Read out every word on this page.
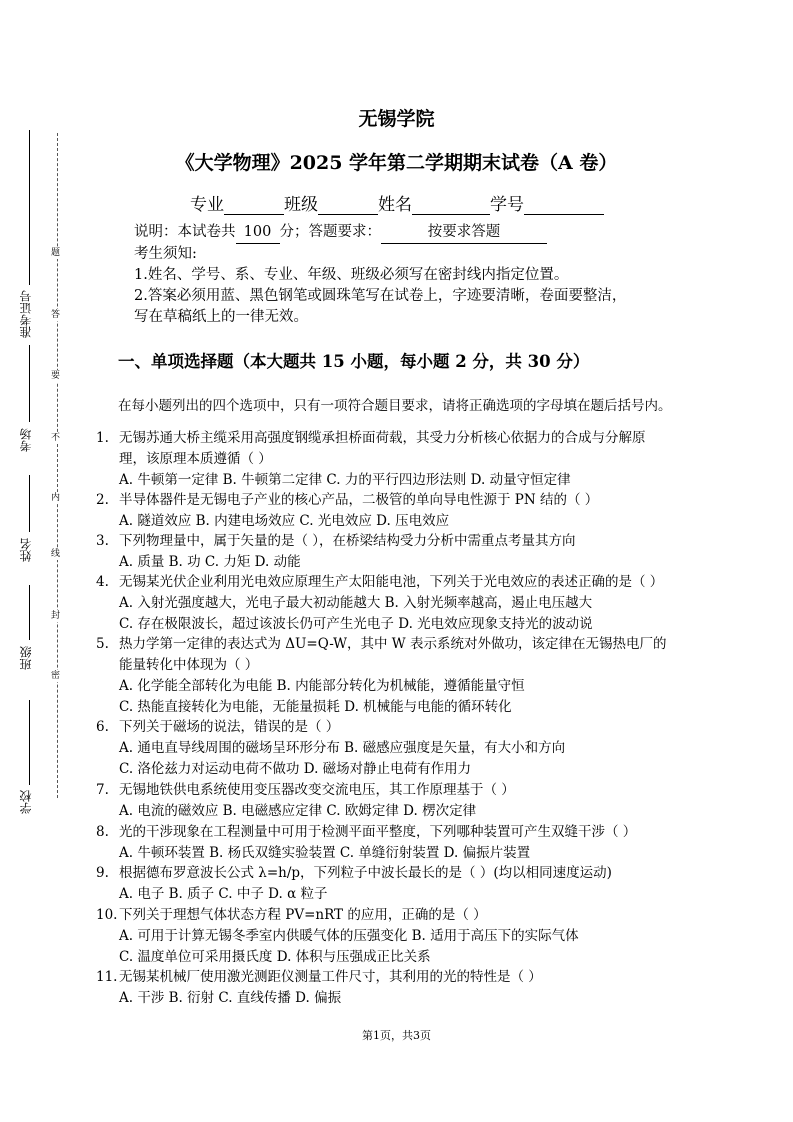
无锡学院
《大学物理》2025 学年第二学期期末试卷（A 卷）
专业	班级	姓名	学号
说明：本试卷共 100 分；答题要求：	按要求答题
考生须知:
1.姓名、学号、系、专业、年级、班级必须写在密封线内指定位置。
2.答案必须用蓝、黑色钢笔或圆珠笔写在试卷上，字迹要清晰，卷面要整洁，
写在草稿纸上的一律无效。
一、单项选择题（本大题共 15 小题，每小题 2 分，共 30 分）
在每小题列出的四个选项中，只有一项符合题目要求，请将正确选项的字母填在题后括号内。
1. 无锡苏通大桥主缆采用高强度钢缆承担桥面荷载，其受力分析核心依据力的合成与分解原
理，该原理本质遵循（ ）
A. 牛顿第一定律 B. 牛顿第二定律 C. 力的平行四边形法则 D. 动量守恒定律
2. 半导体器件是无锡电子产业的核心产品，二极管的单向导电性源于 PN 结的（ ）
A. 隧道效应 B. 内建电场效应 C. 光电效应 D. 压电效应
3. 下列物理量中，属于矢量的是（ ），在桥梁结构受力分析中需重点考量其方向
A. 质量 B. 功 C. 力矩 D. 动能
4. 无锡某光伏企业利用光电效应原理生产太阳能电池，下列关于光电效应的表述正确的是（ ）
A. 入射光强度越大，光电子最大初动能越大 B. 入射光频率越高，遏止电压越大
C. 存在极限波长，超过该波长仍可产生光电子 D. 光电效应现象支持光的波动说
5. 热力学第一定律的表达式为 ΔU=Q-W，其中 W 表示系统对外做功，该定律在无锡热电厂的
能量转化中体现为（ ）
A. 化学能全部转化为电能 B. 内能部分转化为机械能，遵循能量守恒
C. 热能直接转化为电能，无能量损耗 D. 机械能与电能的循环转化
6. 下列关于磁场的说法，错误的是（ ）
A. 通电直导线周围的磁场呈环形分布 B. 磁感应强度是矢量，有大小和方向
C. 洛伦兹力对运动电荷不做功 D. 磁场对静止电荷有作用力
7. 无锡地铁供电系统使用变压器改变交流电压，其工作原理基于（ ）
A. 电流的磁效应 B. 电磁感应定律 C. 欧姆定律 D. 楞次定律
8. 光的干涉现象在工程测量中可用于检测平面平整度，下列哪种装置可产生双缝干涉（ ）
A. 牛顿环装置 B. 杨氏双缝实验装置 C. 单缝衍射装置 D. 偏振片装置
9. 根据德布罗意波长公式 λ=h/p，下列粒子中波长最长的是（ ）(均以相同速度运动)
A. 电子 B. 质子 C. 中子 D. α 粒子
10. 下列关于理想气体状态方程 PV=nRT 的应用，正确的是（ ）
A. 可用于计算无锡冬季室内供暖气体的压强变化 B. 适用于高压下的实际气体
C. 温度单位可采用摄氏度 D. 体积与压强成正比关系
11. 无锡某机械厂使用激光测距仪测量工件尺寸，其利用的光的特性是（ ）
A. 干涉 B. 衍射 C. 直线传播 D. 偏振
题
答
要
不
内
线
封
密
准考证号
考场
姓名
班级
学校
第1页，共3页
